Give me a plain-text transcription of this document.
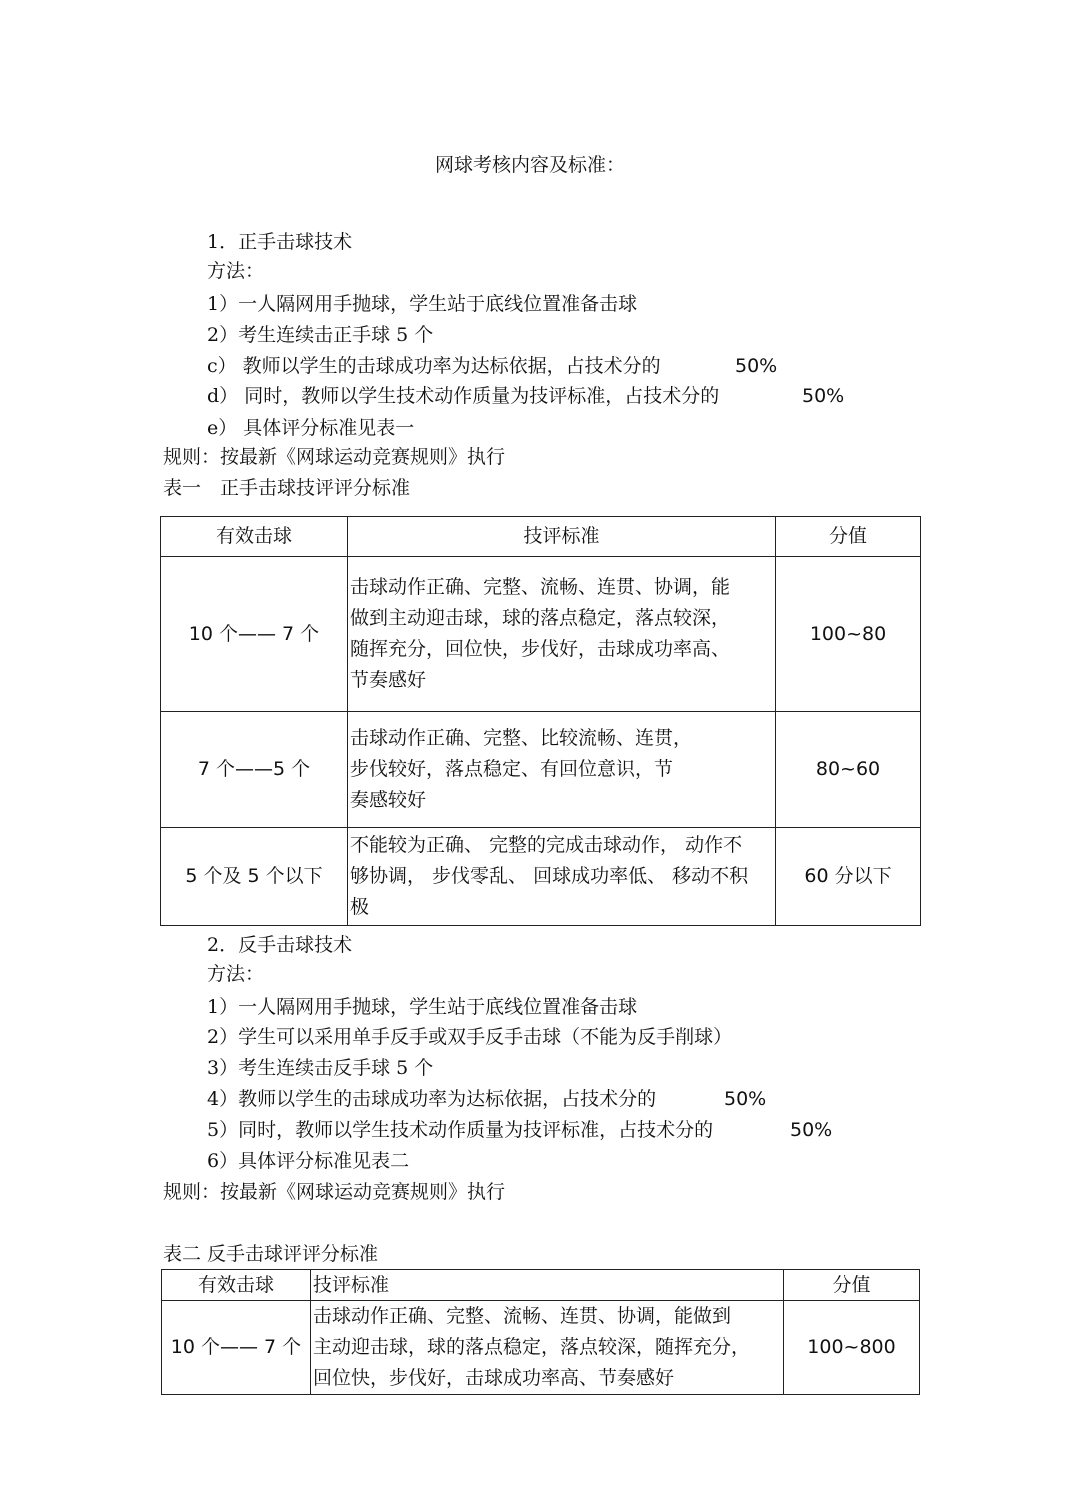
网球考核内容及标准：
1．正手击球技术
方法：
1）一人隔网用手抛球，学生站于底线位置准备击球
2）考生连续击正手球 5 个
c） 教师以学生的击球成功率为达标依据，占技术分的	50%
d） 同时，教师以学生技术动作质量为技评标准，占技术分的	50%
e） 具体评分标准见表一
规则：按最新《网球运动竞赛规则》执行
表一　正手击球技评评分标准
有效击球	技评标准	分值
10 个—— 7 个	击球动作正确、完整、流畅、连贯、协调，能
做到主动迎击球，球的落点稳定，落点较深，
随挥充分，回位快，步伐好，击球成功率高、
节奏感好	100~80
7 个——5 个	击球动作正确、完整、比较流畅、连贯，
步伐较好，落点稳定、有回位意识，节
奏感较好	80~60
5 个及 5 个以下	不能较为正确、 完整的完成击球动作， 动作不
够协调， 步伐零乱、 回球成功率低、 移动不积
极	60 分以下
2．反手击球技术
方法：
1）一人隔网用手抛球，学生站于底线位置准备击球
2）学生可以采用单手反手或双手反手击球（不能为反手削球）
3）考生连续击反手球 5 个
4）教师以学生的击球成功率为达标依据，占技术分的	50%
5）同时，教师以学生技术动作质量为技评标准，占技术分的	50%
6）具体评分标准见表二
规则：按最新《网球运动竞赛规则》执行
表二 反手击球评评分标准
有效击球	技评标准	分值
10 个—— 7 个	击球动作正确、完整、流畅、连贯、协调，能做到
主动迎击球，球的落点稳定，落点较深，随挥充分，
回位快，步伐好，击球成功率高、节奏感好	100~800
